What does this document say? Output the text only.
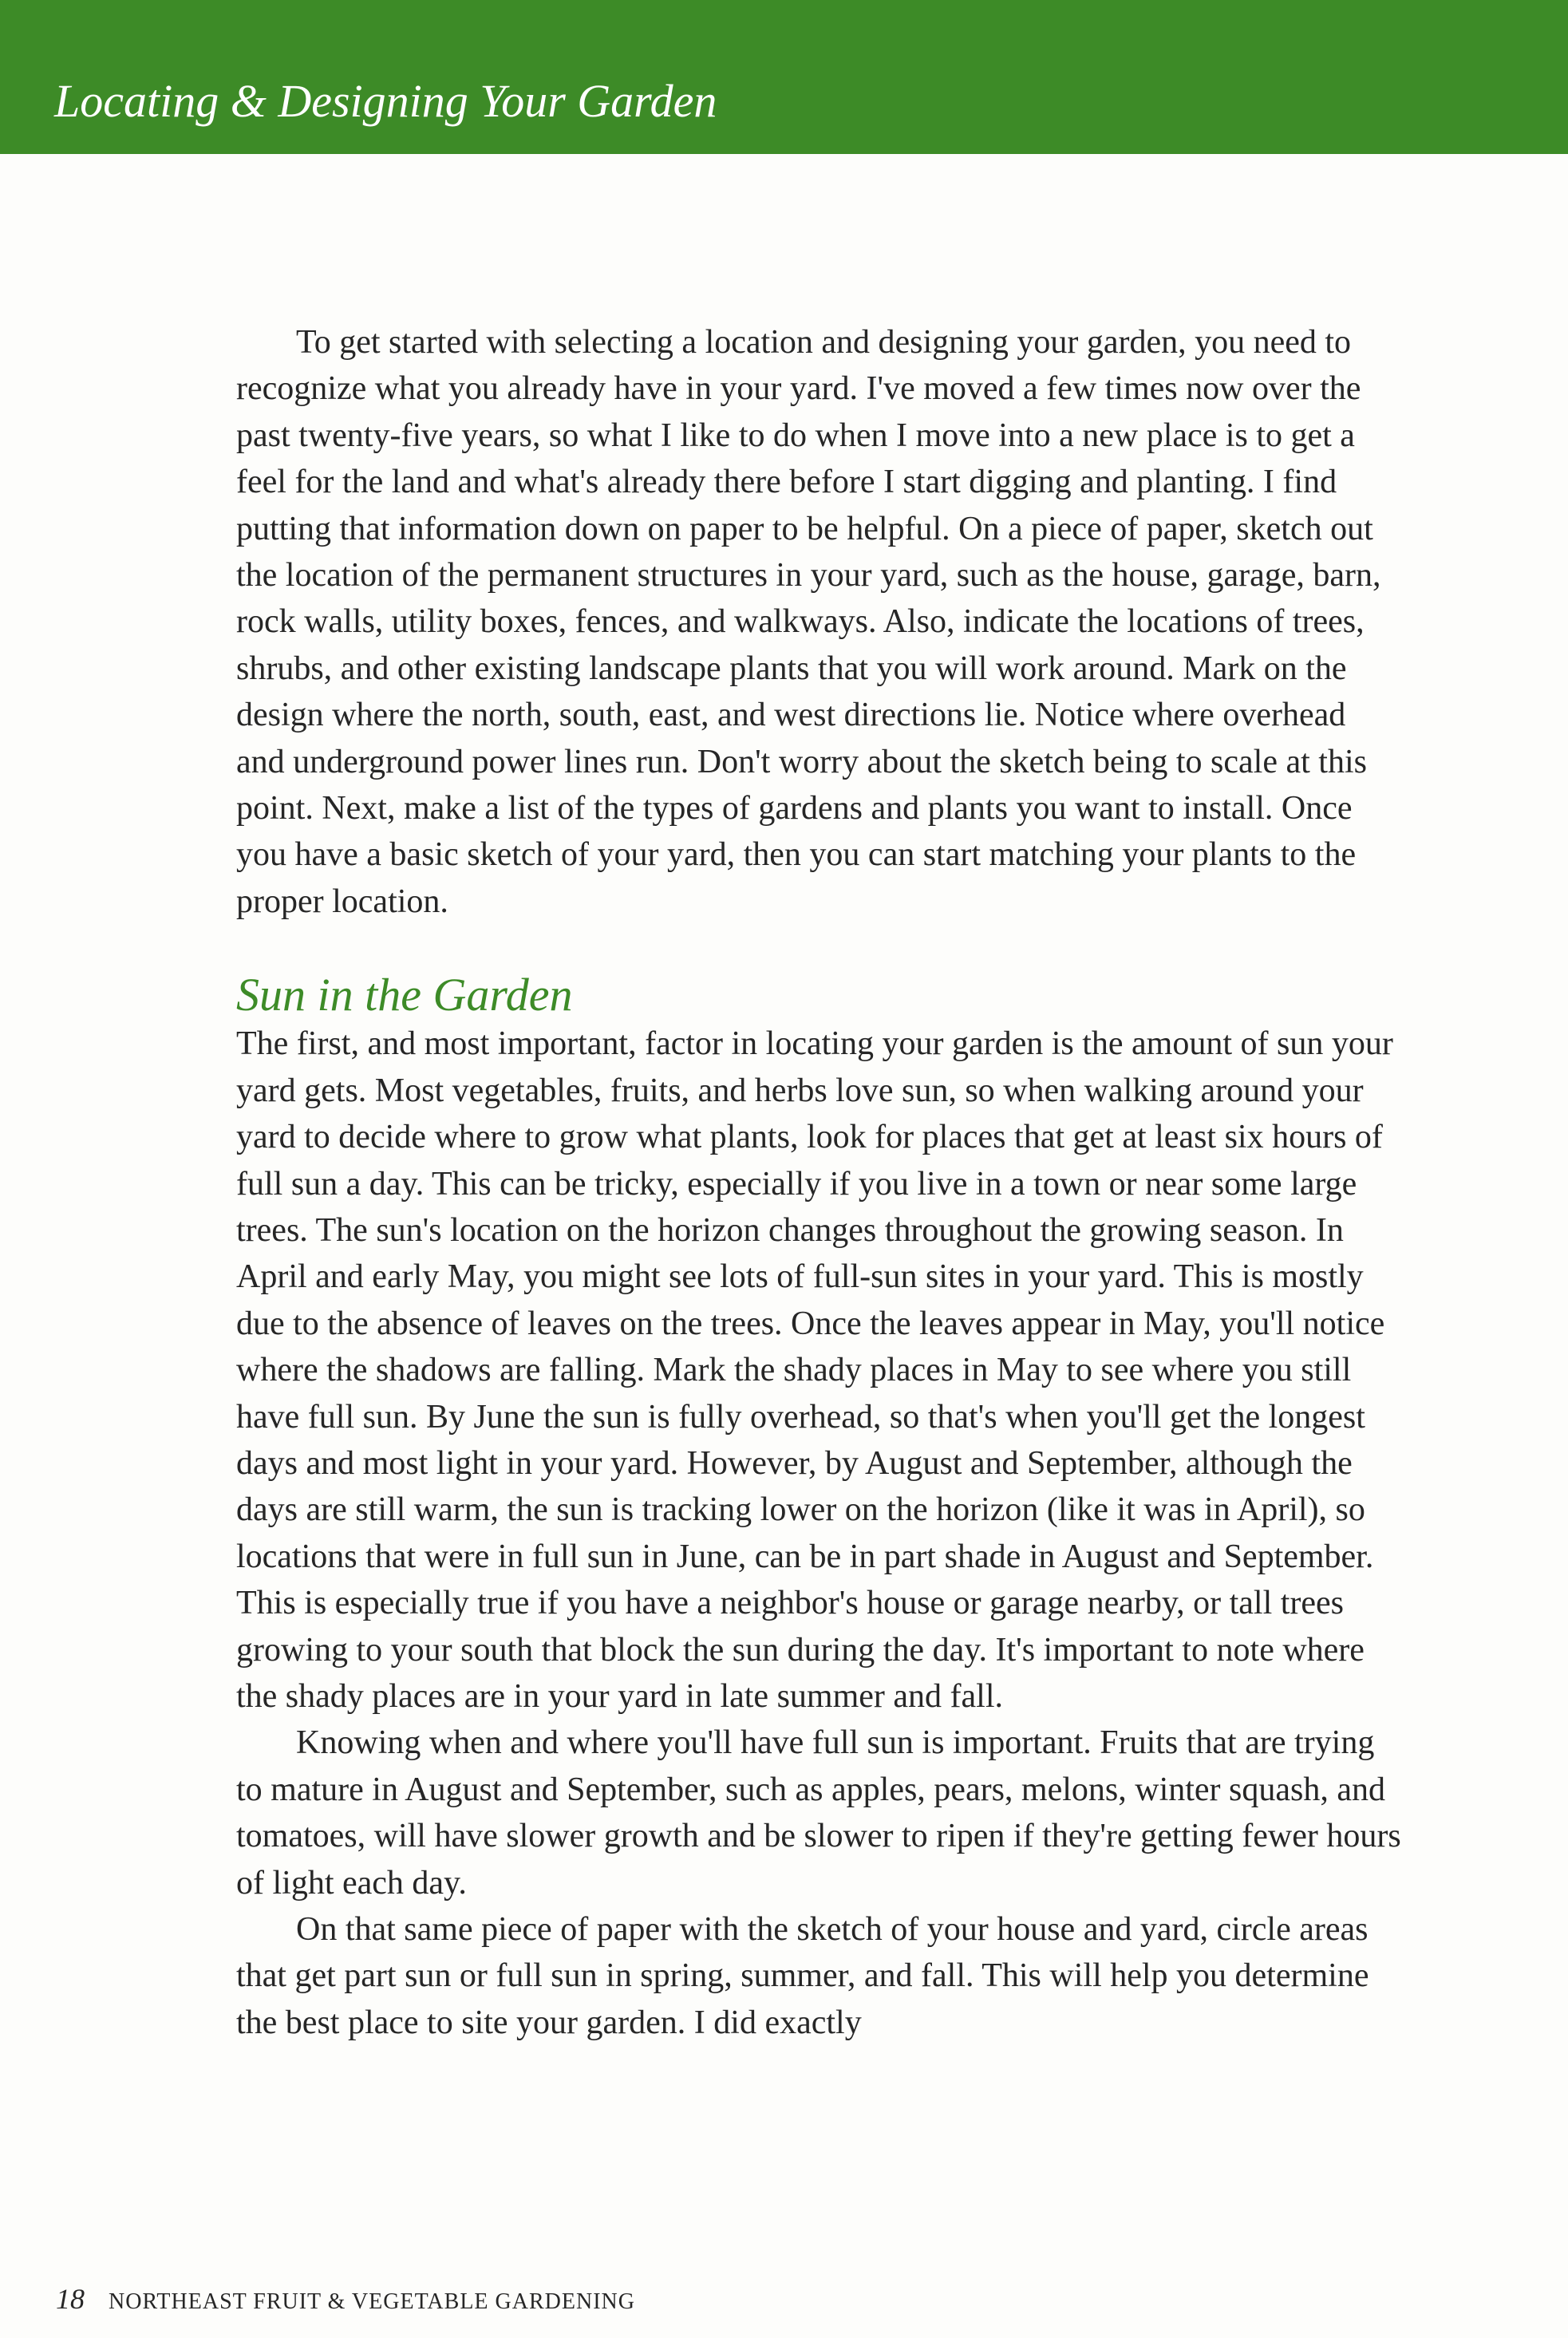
Locating & Designing Your Garden

To get started with selecting a location and designing your garden, you need to recognize what you already have in your yard. I've moved a few times now over the past twenty-five years, so what I like to do when I move into a new place is to get a feel for the land and what's already there before I start digging and planting. I find putting that information down on paper to be helpful. On a piece of paper, sketch out the location of the permanent structures in your yard, such as the house, garage, barn, rock walls, utility boxes, fences, and walkways. Also, indicate the locations of trees, shrubs, and other existing landscape plants that you will work around. Mark on the design where the north, south, east, and west directions lie. Notice where overhead and underground power lines run. Don't worry about the sketch being to scale at this point. Next, make a list of the types of gardens and plants you want to install. Once you have a basic sketch of your yard, then you can start matching your plants to the proper location.

Sun in the Garden

The first, and most important, factor in locating your garden is the amount of sun your yard gets. Most vegetables, fruits, and herbs love sun, so when walking around your yard to decide where to grow what plants, look for places that get at least six hours of full sun a day. This can be tricky, especially if you live in a town or near some large trees. The sun's location on the horizon changes throughout the growing season. In April and early May, you might see lots of full-sun sites in your yard. This is mostly due to the absence of leaves on the trees. Once the leaves appear in May, you'll notice where the shadows are falling. Mark the shady places in May to see where you still have full sun. By June the sun is fully overhead, so that's when you'll get the longest days and most light in your yard. However, by August and September, although the days are still warm, the sun is tracking lower on the horizon (like it was in April), so locations that were in full sun in June, can be in part shade in August and September. This is especially true if you have a neighbor's house or garage nearby, or tall trees growing to your south that block the sun during the day. It's important to note where the shady places are in your yard in late summer and fall.

Knowing when and where you'll have full sun is important. Fruits that are trying to mature in August and September, such as apples, pears, melons, winter squash, and tomatoes, will have slower growth and be slower to ripen if they're getting fewer hours of light each day.

On that same piece of paper with the sketch of your house and yard, circle areas that get part sun or full sun in spring, summer, and fall. This will help you determine the best place to site your garden. I did exactly

18 NORTHEAST FRUIT & VEGETABLE GARDENING
